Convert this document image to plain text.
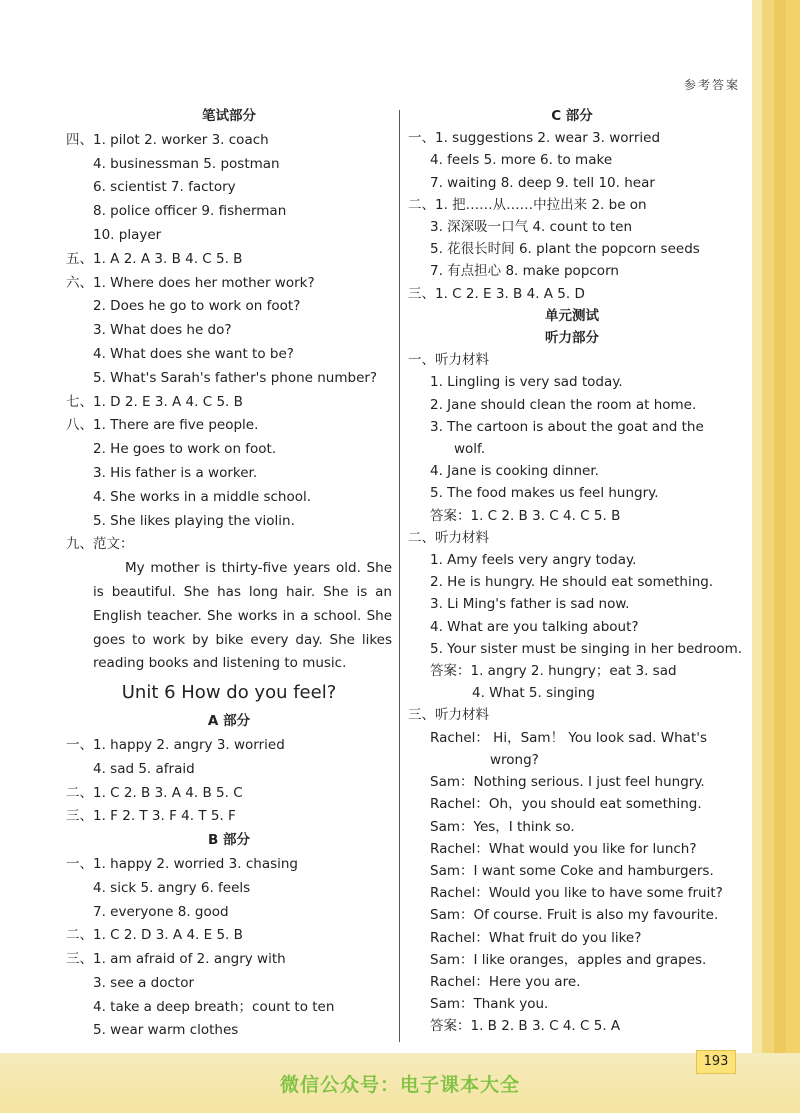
参考答案
笔试部分
四、1. pilot 2. worker 3. coach
4. businessman 5. postman
6. scientist 7. factory
8. police officer 9. fisherman
10. player
五、1. A 2. A 3. B 4. C 5. B
六、1. Where does her mother work?
2. Does he go to work on foot?
3. What does he do?
4. What does she want to be?
5. What's Sarah's father's phone number?
七、1. D 2. E 3. A 4. C 5. B
八、1. There are five people.
2. He goes to work on foot.
3. His father is a worker.
4. She works in a middle school.
5. She likes playing the violin.
九、范文：
My mother is thirty-five years old. She is beautiful. She has long hair. She is an English teacher. She works in a school. She goes to work by bike every day. She likes reading books and listening to music.
Unit 6 How do you feel?
A 部分
一、1. happy 2. angry 3. worried
4. sad 5. afraid
二、1. C 2. B 3. A 4. B 5. C
三、1. F 2. T 3. F 4. T 5. F
B 部分
一、1. happy 2. worried 3. chasing
4. sick 5. angry 6. feels
7. everyone 8. good
二、1. C 2. D 3. A 4. E 5. B
三、1. am afraid of 2. angry with
3. see a doctor
4. take a deep breath；count to ten
5. wear warm clothes
C 部分
一、1. suggestions 2. wear 3. worried
4. feels 5. more 6. to make
7. waiting 8. deep 9. tell 10. hear
二、1. 把……从……中拉出来 2. be on
3. 深深吸一口气 4. count to ten
5. 花很长时间 6. plant the popcorn seeds
7. 有点担心 8. make popcorn
三、1. C 2. E 3. B 4. A 5. D
单元测试
听力部分
一、听力材料
1. Lingling is very sad today.
2. Jane should clean the room at home.
3. The cartoon is about the goat and the
wolf.
4. Jane is cooking dinner.
5. The food makes us feel hungry.
答案：1. C 2. B 3. C 4. C 5. B
二、听力材料
1. Amy feels very angry today.
2. He is hungry. He should eat something.
3. Li Ming's father is sad now.
4. What are you talking about?
5. Your sister must be singing in her bedroom.
答案：1. angry 2. hungry；eat 3. sad
4. What 5. singing
三、听力材料
Rachel： Hi，Sam！ You look sad. What's
wrong?
Sam：Nothing serious. I just feel hungry.
Rachel：Oh，you should eat something.
Sam：Yes，I think so.
Rachel：What would you like for lunch?
Sam：I want some Coke and hamburgers.
Rachel：Would you like to have some fruit?
Sam：Of course. Fruit is also my favourite.
Rachel：What fruit do you like?
Sam：I like oranges，apples and grapes.
Rachel：Here you are.
Sam：Thank you.
答案：1. B 2. B 3. C 4. C 5. A
193
微信公众号：电子课本大全
